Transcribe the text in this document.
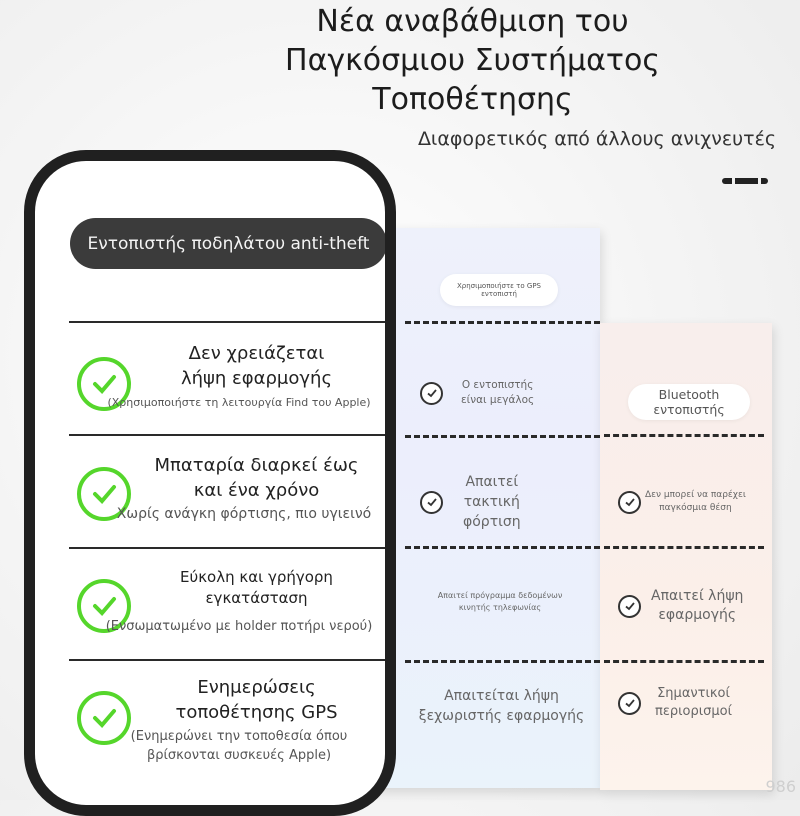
Νέα αναβάθμιση του
Παγκόσμιου Συστήματος
Τοποθέτησης
Διαφορετικός από άλλους ανιχνευτές
Χρησιμοποιήστε το GPS εντοπιστή
Ο εντοπιστής
είναι μεγάλος
Απαιτεί
τακτική
φόρτιση
Απαιτεί πρόγραμμα δεδομένων
κινητής τηλεφωνίας
Απαιτείται λήψη
ξεχωριστής εφαρμογής
Bluetooth
εντοπιστής
Δεν μπορεί να παρέχει
παγκόσμια θέση
Απαιτεί λήψη
εφαρμογής
Σημαντικοί
περιορισμοί
Εντοπιστής ποδηλάτου anti-theft
Δεν χρειάζεται
λήψη εφαρμογής
(Χρησιμοποιήστε τη λειτουργία Find του Apple)
Μπαταρία διαρκεί έως
και ένα χρόνο
Χωρίς ανάγκη φόρτισης, πιο υγιεινό
Εύκολη και γρήγορη
εγκατάσταση
(Ενσωματωμένο με holder ποτήρι νερού)
Ενημερώσεις
τοποθέτησης GPS
(Ενημερώνει την τοποθεσία όπου
βρίσκονται συσκευές Apple)
986
